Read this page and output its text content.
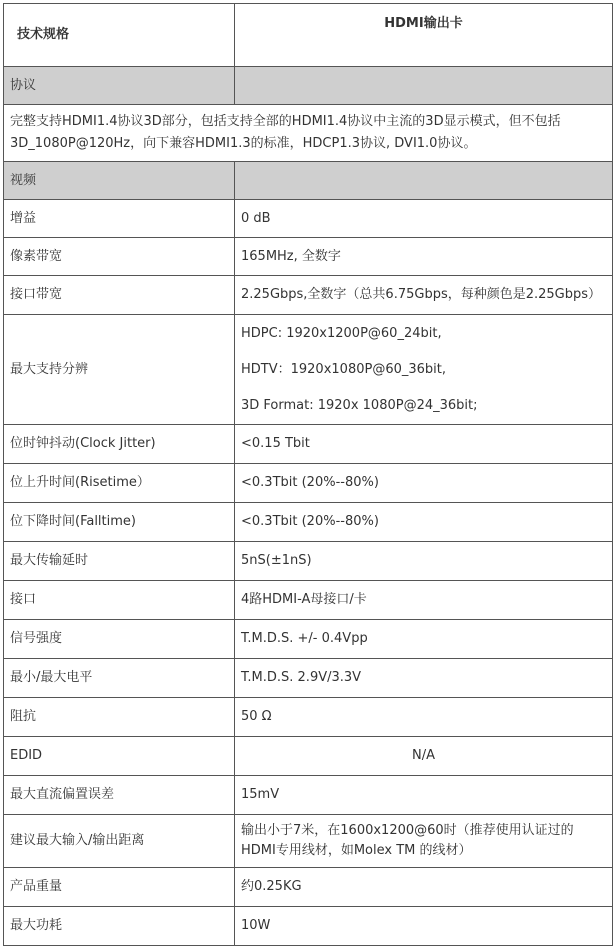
技术规格	HDMI输出卡
协议	
完整支持HDMI1.4协议3D部分，包括支持全部的HDMI1.4协议中主流的3D显示模式，但不包括3D_1080P@120Hz，向下兼容HDMI1.3的标准，HDCP1.3协议, DVI1.0协议。	
视频	
增益	0 dB
像素带宽	165MHz, 全数字
接口带宽	2.25Gbps,全数字（总共6.75Gbps，每种颜色是2.25Gbps）
最大支持分辨	HDPC: 1920x1200P@60_24bit,
HDTV：1920x1080P@60_36bit,
3D Format: 1920x 1080P@24_36bit;

位时钟抖动(Clock Jitter)	<0.15 Tbit
位上升时间(Risetime）	<0.3Tbit (20%--80%)
位下降时间(Falltime)	<0.3Tbit (20%--80%)
最大传输延时	5nS(±1nS)
接口	4路HDMI-A母接口/卡
信号强度	T.M.D.S. +/- 0.4Vpp
最小/最大电平	T.M.D.S. 2.9V/3.3V
阻抗	50 Ω
EDID	N/A
最大直流偏置误差	15mV
建议最大输入/输出距离	输出小于7米，在1600x1200@60时（推荐使用认证过的HDMI专用线材，如Molex TM 的线材）
产品重量	约0.25KG
最大功耗	10W
